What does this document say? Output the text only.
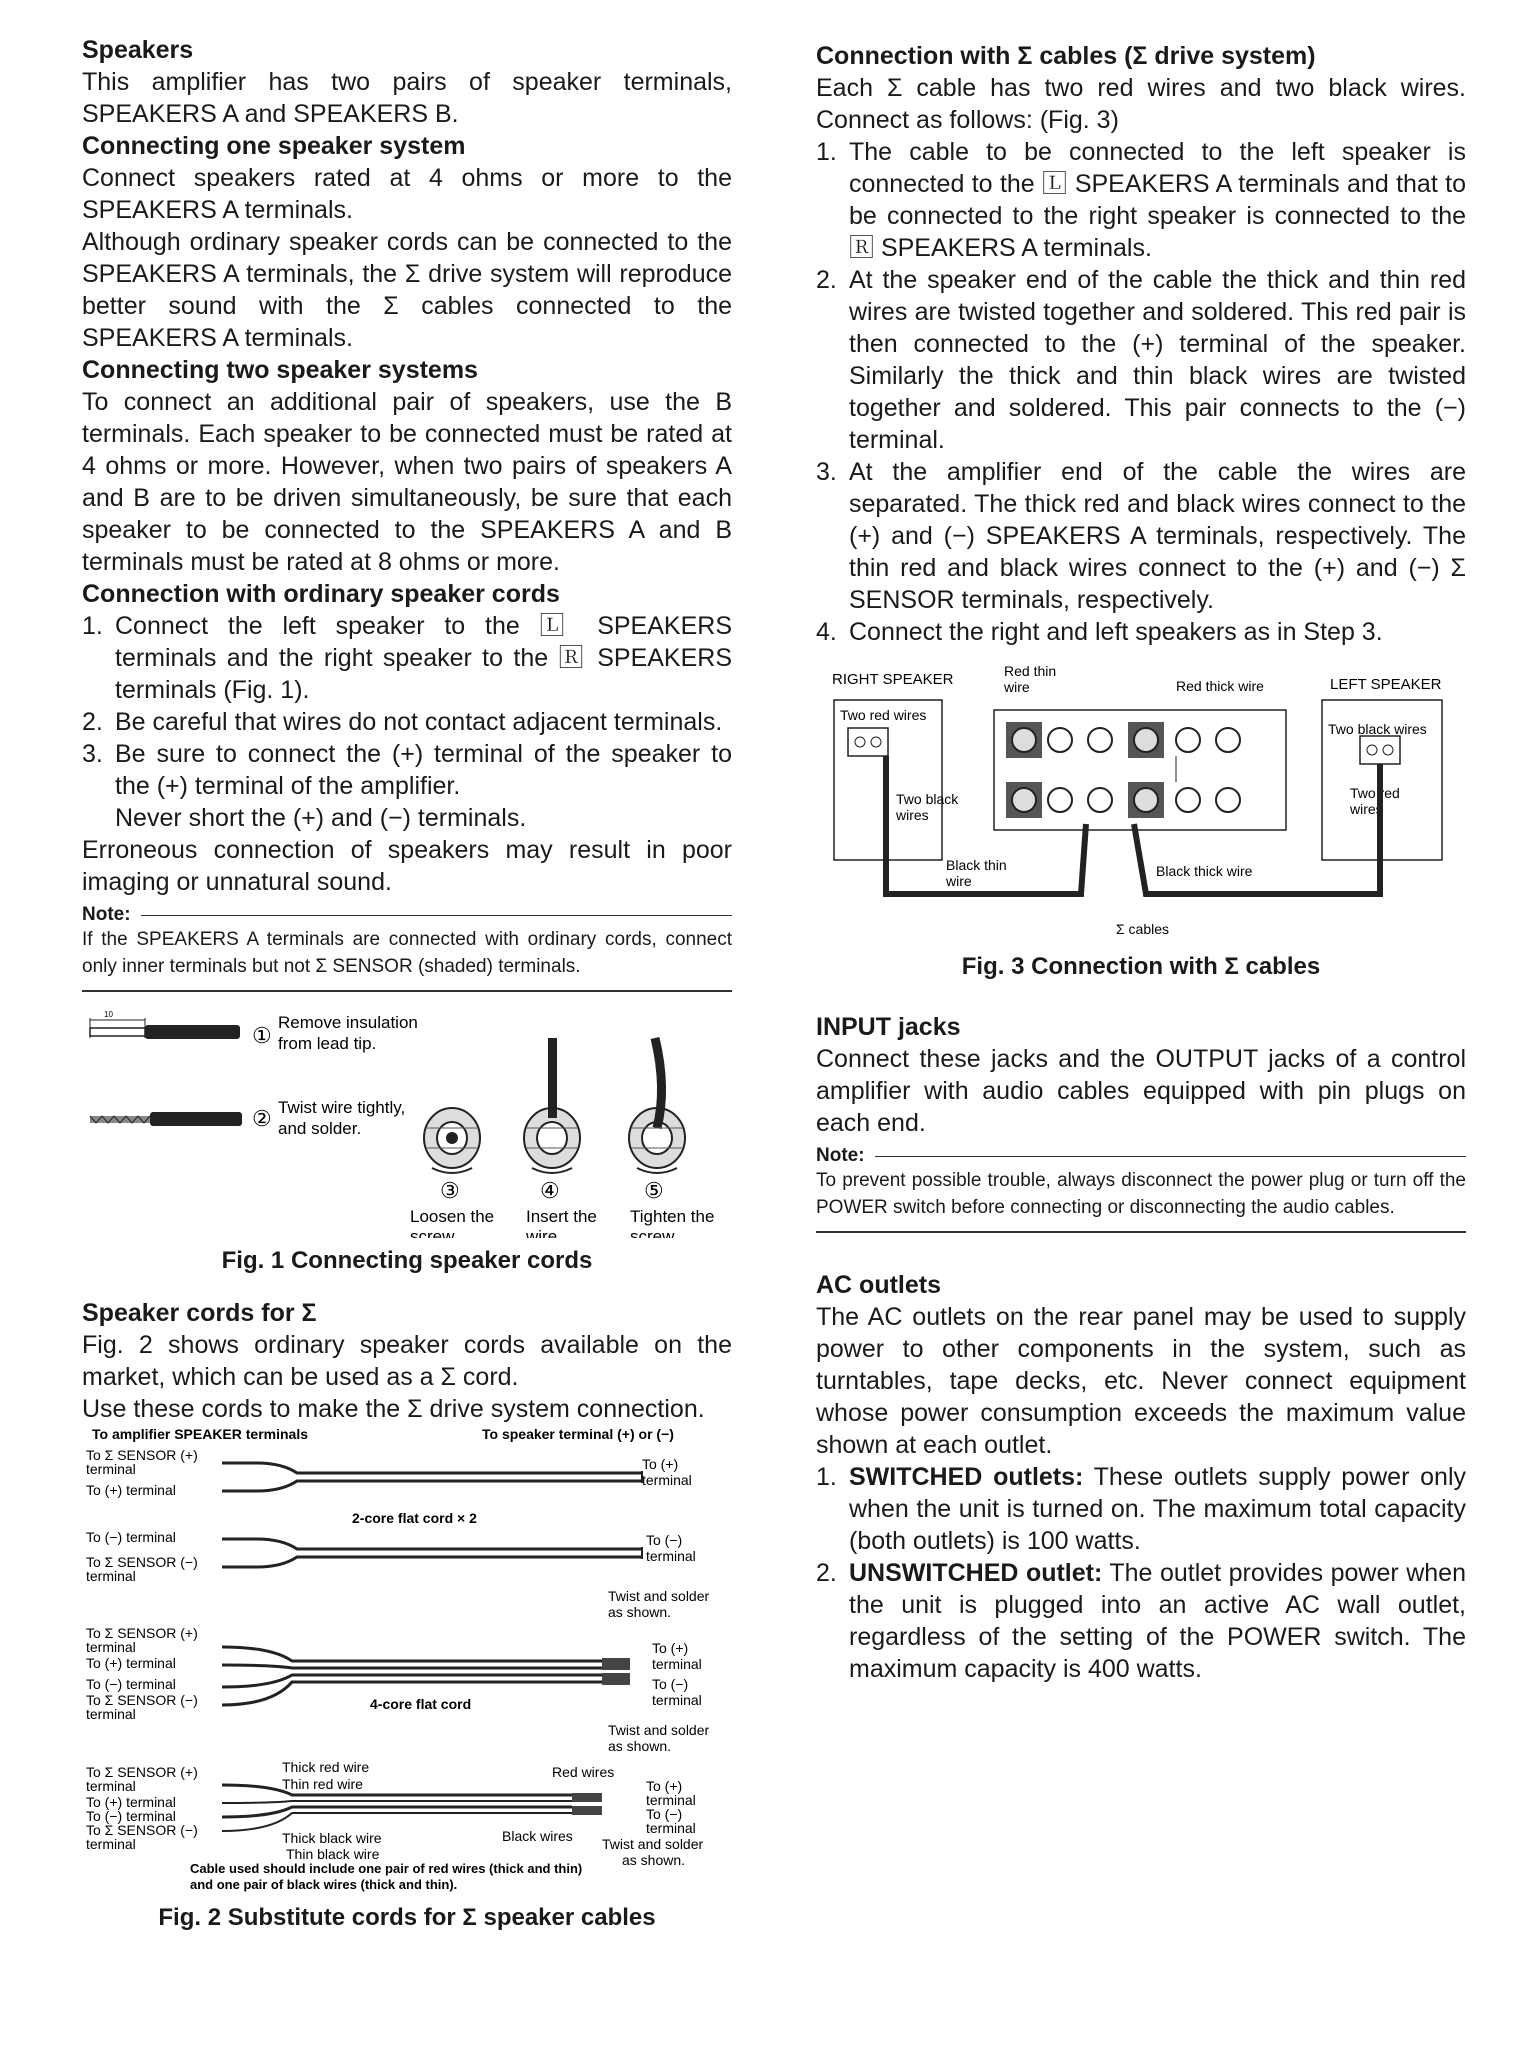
Speakers

This amplifier has two pairs of speaker terminals, SPEAKERS A and SPEAKERS B.

Connecting one speaker system

Connect speakers rated at 4 ohms or more to the SPEAKERS A terminals.

Although ordinary speaker cords can be connected to the SPEAKERS A terminals, the Σ drive system will reproduce better sound with the Σ cables connected to the SPEAKERS A terminals.

Connecting two speaker systems

To connect an additional pair of speakers, use the B terminals. Each speaker to be connected must be rated at 4 ohms or more. However, when two pairs of speakers A and B are to be driven simultaneously, be sure that each speaker to be connected to the SPEAKERS A and B terminals must be rated at 8 ohms or more.

Connection with ordinary speaker cords
1. Connect the left speaker to the 🄻 SPEAKERS terminals and the right speaker to the 🅁 SPEAKERS terminals (Fig. 1).
2. Be careful that wires do not contact adjacent terminals.
3. Be sure to connect the (+) terminal of the speaker to the (+) terminal of the amplifier.
Never short the (+) and (−) terminals.

Erroneous connection of speakers may result in poor imaging or unnatural sound.

Note:
If the SPEAKERS A terminals are connected with ordinary cords, connect only inner terminals but not Σ SENSOR (shaded) terminals.
10
①
Remove insulation
from lead tip.
② Twist wire tightly,
and solder.
③
Loosen the
screw.
④
Insert the
wire.
⑤
Tighten the
screw.
Fig. 1 Connecting speaker cords
Speaker cords for Σ

Fig. 2 shows ordinary speaker cords available on the market, which can be used as a Σ cord.

Use these cords to make the Σ drive system connection.

To amplifier SPEAKER terminals	To speaker terminal (+) or (−)
To Σ SENSOR (+)
terminal
To (+) terminal
2-core flat cord × 2
To (+)
terminal
To (−) terminal
To Σ SENSOR (−)
terminal
To (−)
terminal
Twist and solder
as shown.
To Σ SENSOR (+)
terminal
To (+) terminal
To (−) terminal
To Σ SENSOR (−)
terminal
4-core flat cord
To (+)
terminal
To (−)
terminal
Twist and solder
as shown.
To Σ SENSOR (+)
terminal
To (+) terminal
To (−) terminal
To Σ SENSOR (−)
terminal
Thick red wire
Thin red wire
Thick black wire
Thin black wire
Red wires
Black wires
To (+)
terminal
To (−)
terminal
Twist and solder
as shown.
Cable used should include one pair of red wires (thick and thin)
and one pair of black wires (thick and thin).
Fig. 2 Substitute cords for Σ speaker cables
Connection with Σ cables (Σ drive system)

Each Σ cable has two red wires and two black wires. Connect as follows: (Fig. 3)

1. The cable to be connected to the left speaker is connected to the 🄻 SPEAKERS A terminals and that to be connected to the right speaker is connected to the 🅁 SPEAKERS A terminals.
2. At the speaker end of the cable the thick and thin red wires are twisted together and soldered. This red pair is then connected to the (+) terminal of the speaker. Similarly the thick and thin black wires are twisted together and soldered. This pair connects to the (−) terminal.
3. At the amplifier end of the cable the wires are separated. The thick red and black wires connect to the (+) and (−) SPEAKERS A terminals, respectively. The thin red and black wires connect to the (+) and (−) Σ SENSOR terminals, respectively.
4. Connect the right and left speakers as in Step 3.
RIGHT SPEAKER	Red thin
wire	Red thick wire	LEFT SPEAKER
Two red wires
Two black
wires
Black thin
wire
Black thick wire
Two black wires
Two red
wires
Σ cables
Fig. 3 Connection with Σ cables
INPUT jacks

Connect these jacks and the OUTPUT jacks of a control amplifier with audio cables equipped with pin plugs on each end.

Note:
To prevent possible trouble, always disconnect the power plug or turn off the POWER switch before connecting or disconnecting the audio cables.
AC outlets

The AC outlets on the rear panel may be used to supply power to other components in the system, such as turntables, tape decks, etc. Never connect equipment whose power consumption exceeds the maximum value shown at each outlet.

1. SWITCHED outlets: These outlets supply power only when the unit is turned on. The maximum total capacity (both outlets) is 100 watts.
2. UNSWITCHED outlet: The outlet provides power when the unit is plugged into an active AC wall outlet, regardless of the setting of the POWER switch. The maximum capacity is 400 watts.
